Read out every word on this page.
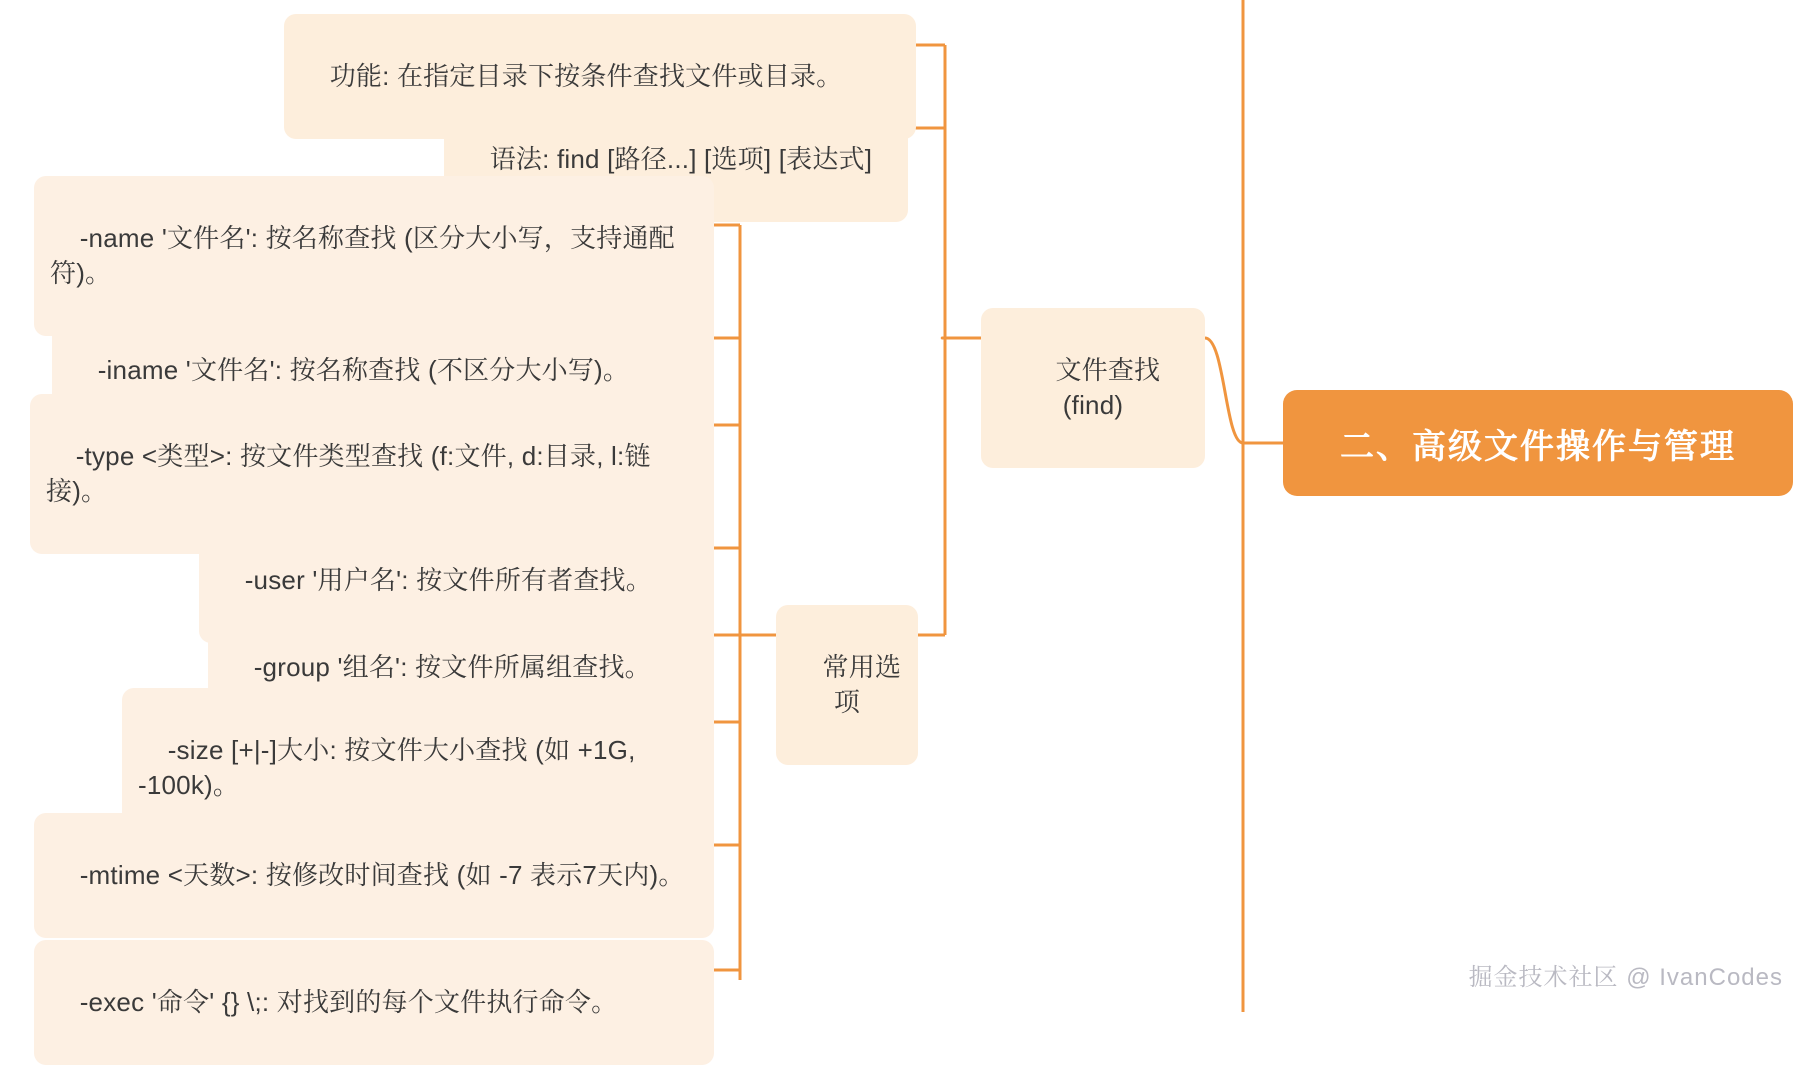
二、高级文件操作与管理

文件查找 (find)

功能: 在指定目录下按条件查找文件或目录。

语法: find [路径...] [选项] [表达式]

常用选项

-name '文件名': 按名称查找 (区分大小写，支持通配符)。

-iname '文件名': 按名称查找 (不区分大小写)。

-type <类型>: 按文件类型查找 (f:文件, d:目录, l:链接)。

-user '用户名': 按文件所有者查找。

-group '组名': 按文件所属组查找。

-size [+|-]大小: 按文件大小查找 (如 +1G, -100k)。

-mtime <天数>: 按修改时间查找 (如 -7 表示7天内)。

-exec '命令' {} \;: 对找到的每个文件执行命令。

掘金技术社区 @ IvanCodes
